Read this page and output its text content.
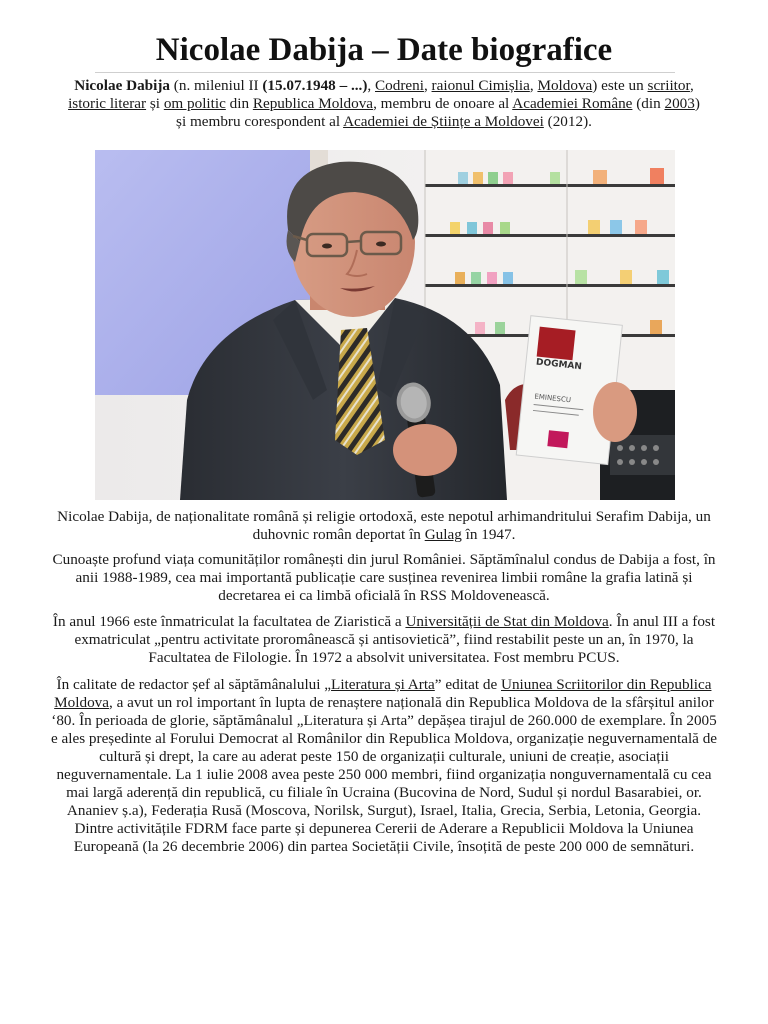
Nicolae Dabija – Date biografice
Nicolae Dabija (n. mileniul II (15.07.1948 – ...), Codreni, raionul Cimișlia, Moldova) este un scriitor, istoric literar și om politic din Republica Moldova, membru de onoare al Academiei Române (din 2003) și membru corespondent al Academiei de Științe a Moldovei (2012).
DOGMAN
EMINESCU
Nicolae Dabija, de naționalitate română și religie ortodoxă, este nepotul arhimandritului Serafim Dabija, un duhovnic român deportat în Gulag în 1947.
Cunoaște profund viața comunităților românești din jurul României. Săptămînalul condus de Dabija a fost, în anii 1988-1989, cea mai importantă publicație care susținea revenirea limbii române la grafia latină și decretarea ei ca limbă oficială în RSS Moldovenească.
În anul 1966 este înmatriculat la facultatea de Ziaristică a Universității de Stat din Moldova. În anul III a fost exmatriculat „pentru activitate proromânească și antisovietică”, fiind restabilit peste un an, în 1970, la Facultatea de Filologie. În 1972 a absolvit universitatea. Fost membru PCUS.
În calitate de redactor șef al săptămânalului „Literatura și Arta” editat de Uniunea Scriitorilor din Republica Moldova, a avut un rol important în lupta de renaștere națională din Republica Moldova de la sfârșitul anilor ‘80. În perioada de glorie, săptămânalul „Literatura și Arta” depășea tirajul de 260.000 de exemplare. În 2005 e ales președinte al Forului Democrat al Românilor din Republica Moldova, organizație neguvernamentală de cultură și drept, la care au aderat peste 150 de organizații culturale, uniuni de creație, asociații neguvernamentale. La 1 iulie 2008 avea peste 250 000 membri, fiind organizația nonguvernamentală cu cea mai largă aderență din republică, cu filiale în Ucraina (Bucovina de Nord, Sudul și nordul Basarabiei, or. Ananiev ș.a), Federația Rusă (Moscova, Norilsk, Surgut), Israel, Italia, Grecia, Serbia, Letonia, Georgia. Dintre activitățile FDRM face parte și depunerea Cererii de Aderare a Republicii Moldova la Uniunea Europeană (la 26 decembrie 2006) din partea Societății Civile, însoțită de peste 200 000 de semnături.
